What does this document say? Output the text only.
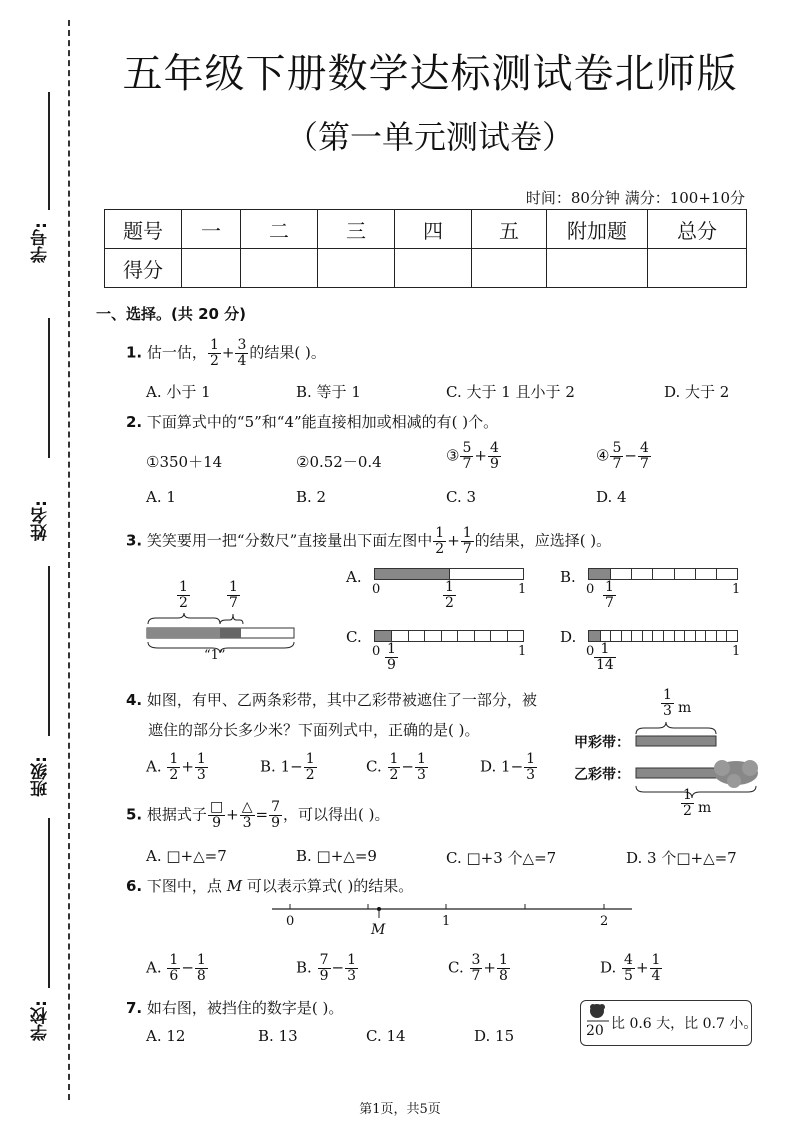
学号:
姓名:
班级:
学校:
五年级下册数学达标测试卷北师版
（第一单元测试卷）
时间：80分钟 满分：100+10分
题号	一	二	三	四	五	附加题	总分
得分							
一、选择。(共 20 分)
1. 估一估， $\frac{1}{2} + \frac{3}{4}$ 的结果( )。
A. 小于 1	B. 等于 1	C. 大于 1 且小于 2	D. 大于 2
2. 下面算式中的“5”和“4”能直接相加或相减的有( )个。
①350＋14	②0.52－0.4	③ $\frac{5}{7} + \frac{4}{9}$	④ $\frac{5}{7} - \frac{4}{7}$
A. 1	B. 2	C. 3	D. 4
3. 笑笑要用一把“分数尺”直接量出下面左图中 $\frac{1}{2} + \frac{1}{7}$ 的结果，应选择( )。
$\frac{1}{2}$	$\frac{1}{7}$
“1”
A.
0	1
$\frac{1}{2}$
B.
0	1
$\frac{1}{7}$
C.
0	1
$\frac{1}{9}$
D.
0	1
$\frac{1}{14}$
4. 如图，有甲、乙两条彩带，其中乙彩带被遮住了一部分，被
遮住的部分长多少米？下面列式中，正确的是( )。
A. $\frac{1}{2} + \frac{1}{3}$	B. $1- \frac{1}{2}$	C. $\frac{1}{2} - \frac{1}{3}$	D. $1- \frac{1}{3}$
$\frac{1}{3}$ m
甲彩带：
乙彩带：
$\frac{1}{2}$ m
5. 根据式子 $\frac{□}{9} + \frac{\triangle}{3} = \frac{7}{9}$ ，可以得出( )。
A. □+△=7	B. □+△=9	C. □+3 个△=7	D. 3 个□+△=7
6. 下图中，点 M 可以表示算式( )的结果。
0	1	2
M
A. $\frac{1}{6} - \frac{1}{8}$	B. $\frac{7}{9} - \frac{1}{3}$	C. $\frac{3}{7} + \frac{1}{8}$	D. $\frac{4}{5} + \frac{1}{4}$
7. 如右图，被挡住的数字是( )。
A. 12	B. 13	C. 14	D. 15	20 比 0.6 大，比 0.7 小。
第1页，共5页
